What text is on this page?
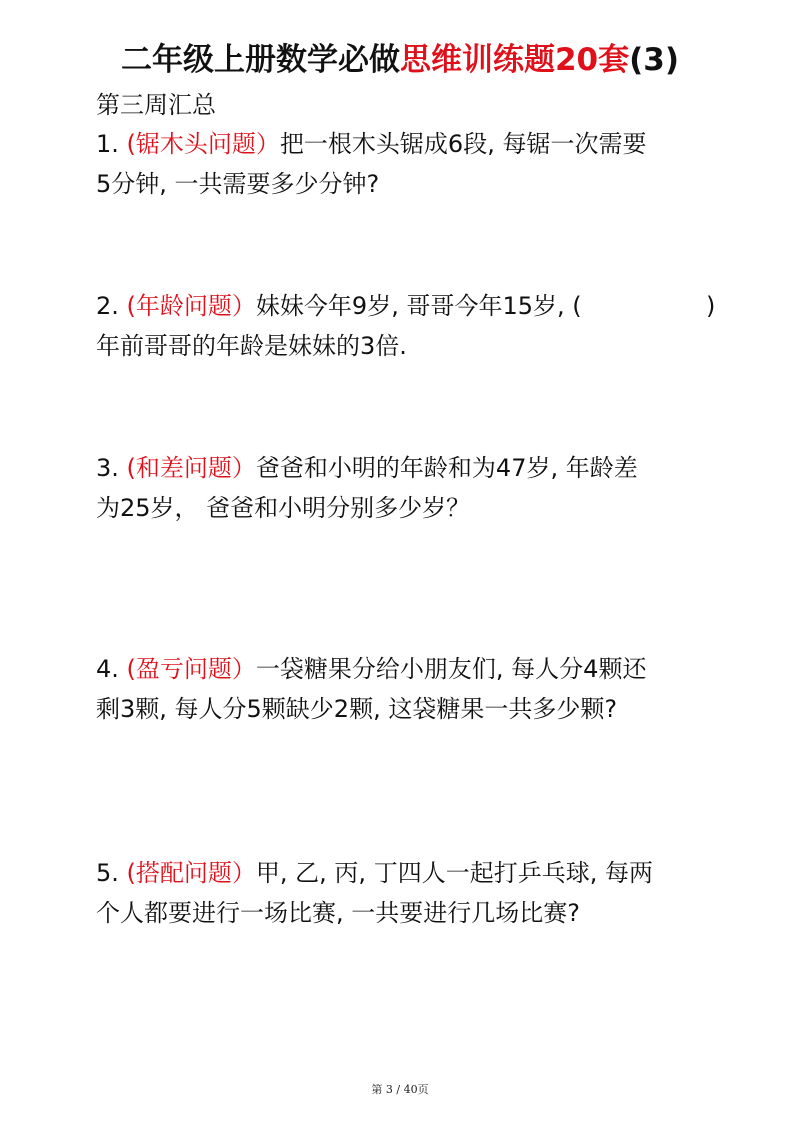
二年级上册数学必做思维训练题20套(3)
第三周汇总
1. (锯木头问题）把一根木头锯成6段, 每锯一次需要
5分钟, 一共需要多少分钟?
2. (年龄问题）妹妹今年9岁, 哥哥今年15岁, (	)
年前哥哥的年龄是妹妹的3倍.
3. (和差问题）爸爸和小明的年龄和为47岁, 年龄差
为25岁， 爸爸和小明分别多少岁？
4. (盈亏问题）一袋糖果分给小朋友们, 每人分4颗还
剩3颗, 每人分5颗缺少2颗, 这袋糖果一共多少颗?
5. (搭配问题）甲, 乙, 丙, 丁四人一起打乒乓球, 每两
个人都要进行一场比赛, 一共要进行几场比赛?
第 3 / 40页
